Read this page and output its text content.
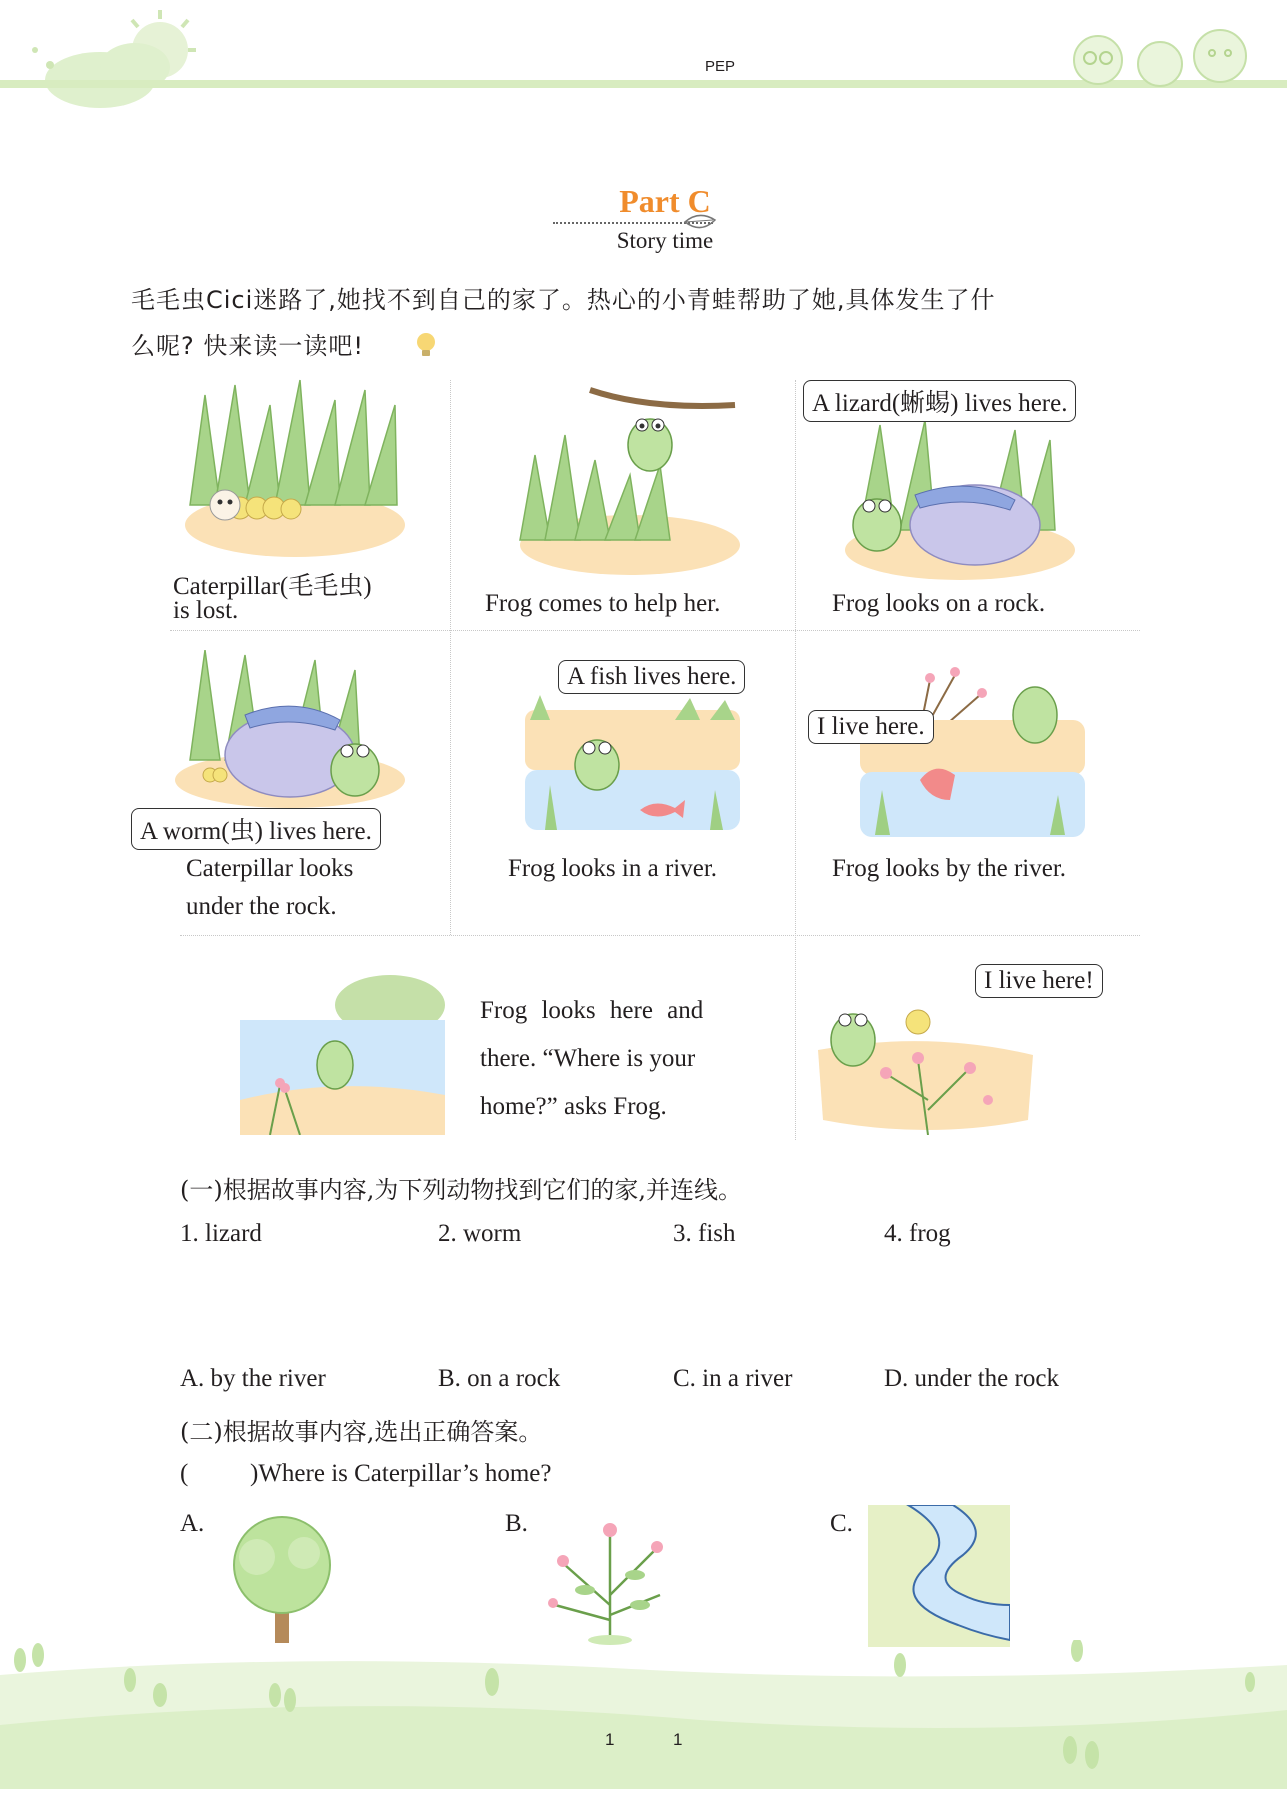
PEP
Part C
Story time
毛毛虫Cici迷路了,她找不到自己的家了。热心的小青蛙帮助了她,具体发生了什
么呢? 快来读一读吧!
Caterpillar(毛毛虫)
is lost.	Frog comes to help her.
A lizard(蜥蜴) lives here.
Frog looks on a rock.
A worm(虫) lives here.
Caterpillar looks
under the rock.
A fish lives here.
Frog looks in a river.
I live here.
Frog looks by the river.
Frog looks here and
there. “Where is your
home?” asks Frog.
I live here!
(一)根据故事内容,为下列动物找到它们的家,并连线。
1. lizard	2. worm	3. fish	4. frog
A. by the river	B. on a rock	C. in a river	D. under the rock
(二)根据故事内容,选出正确答案。
( )Where is Caterpillar’s home?
A.	B.	C.
1	1
